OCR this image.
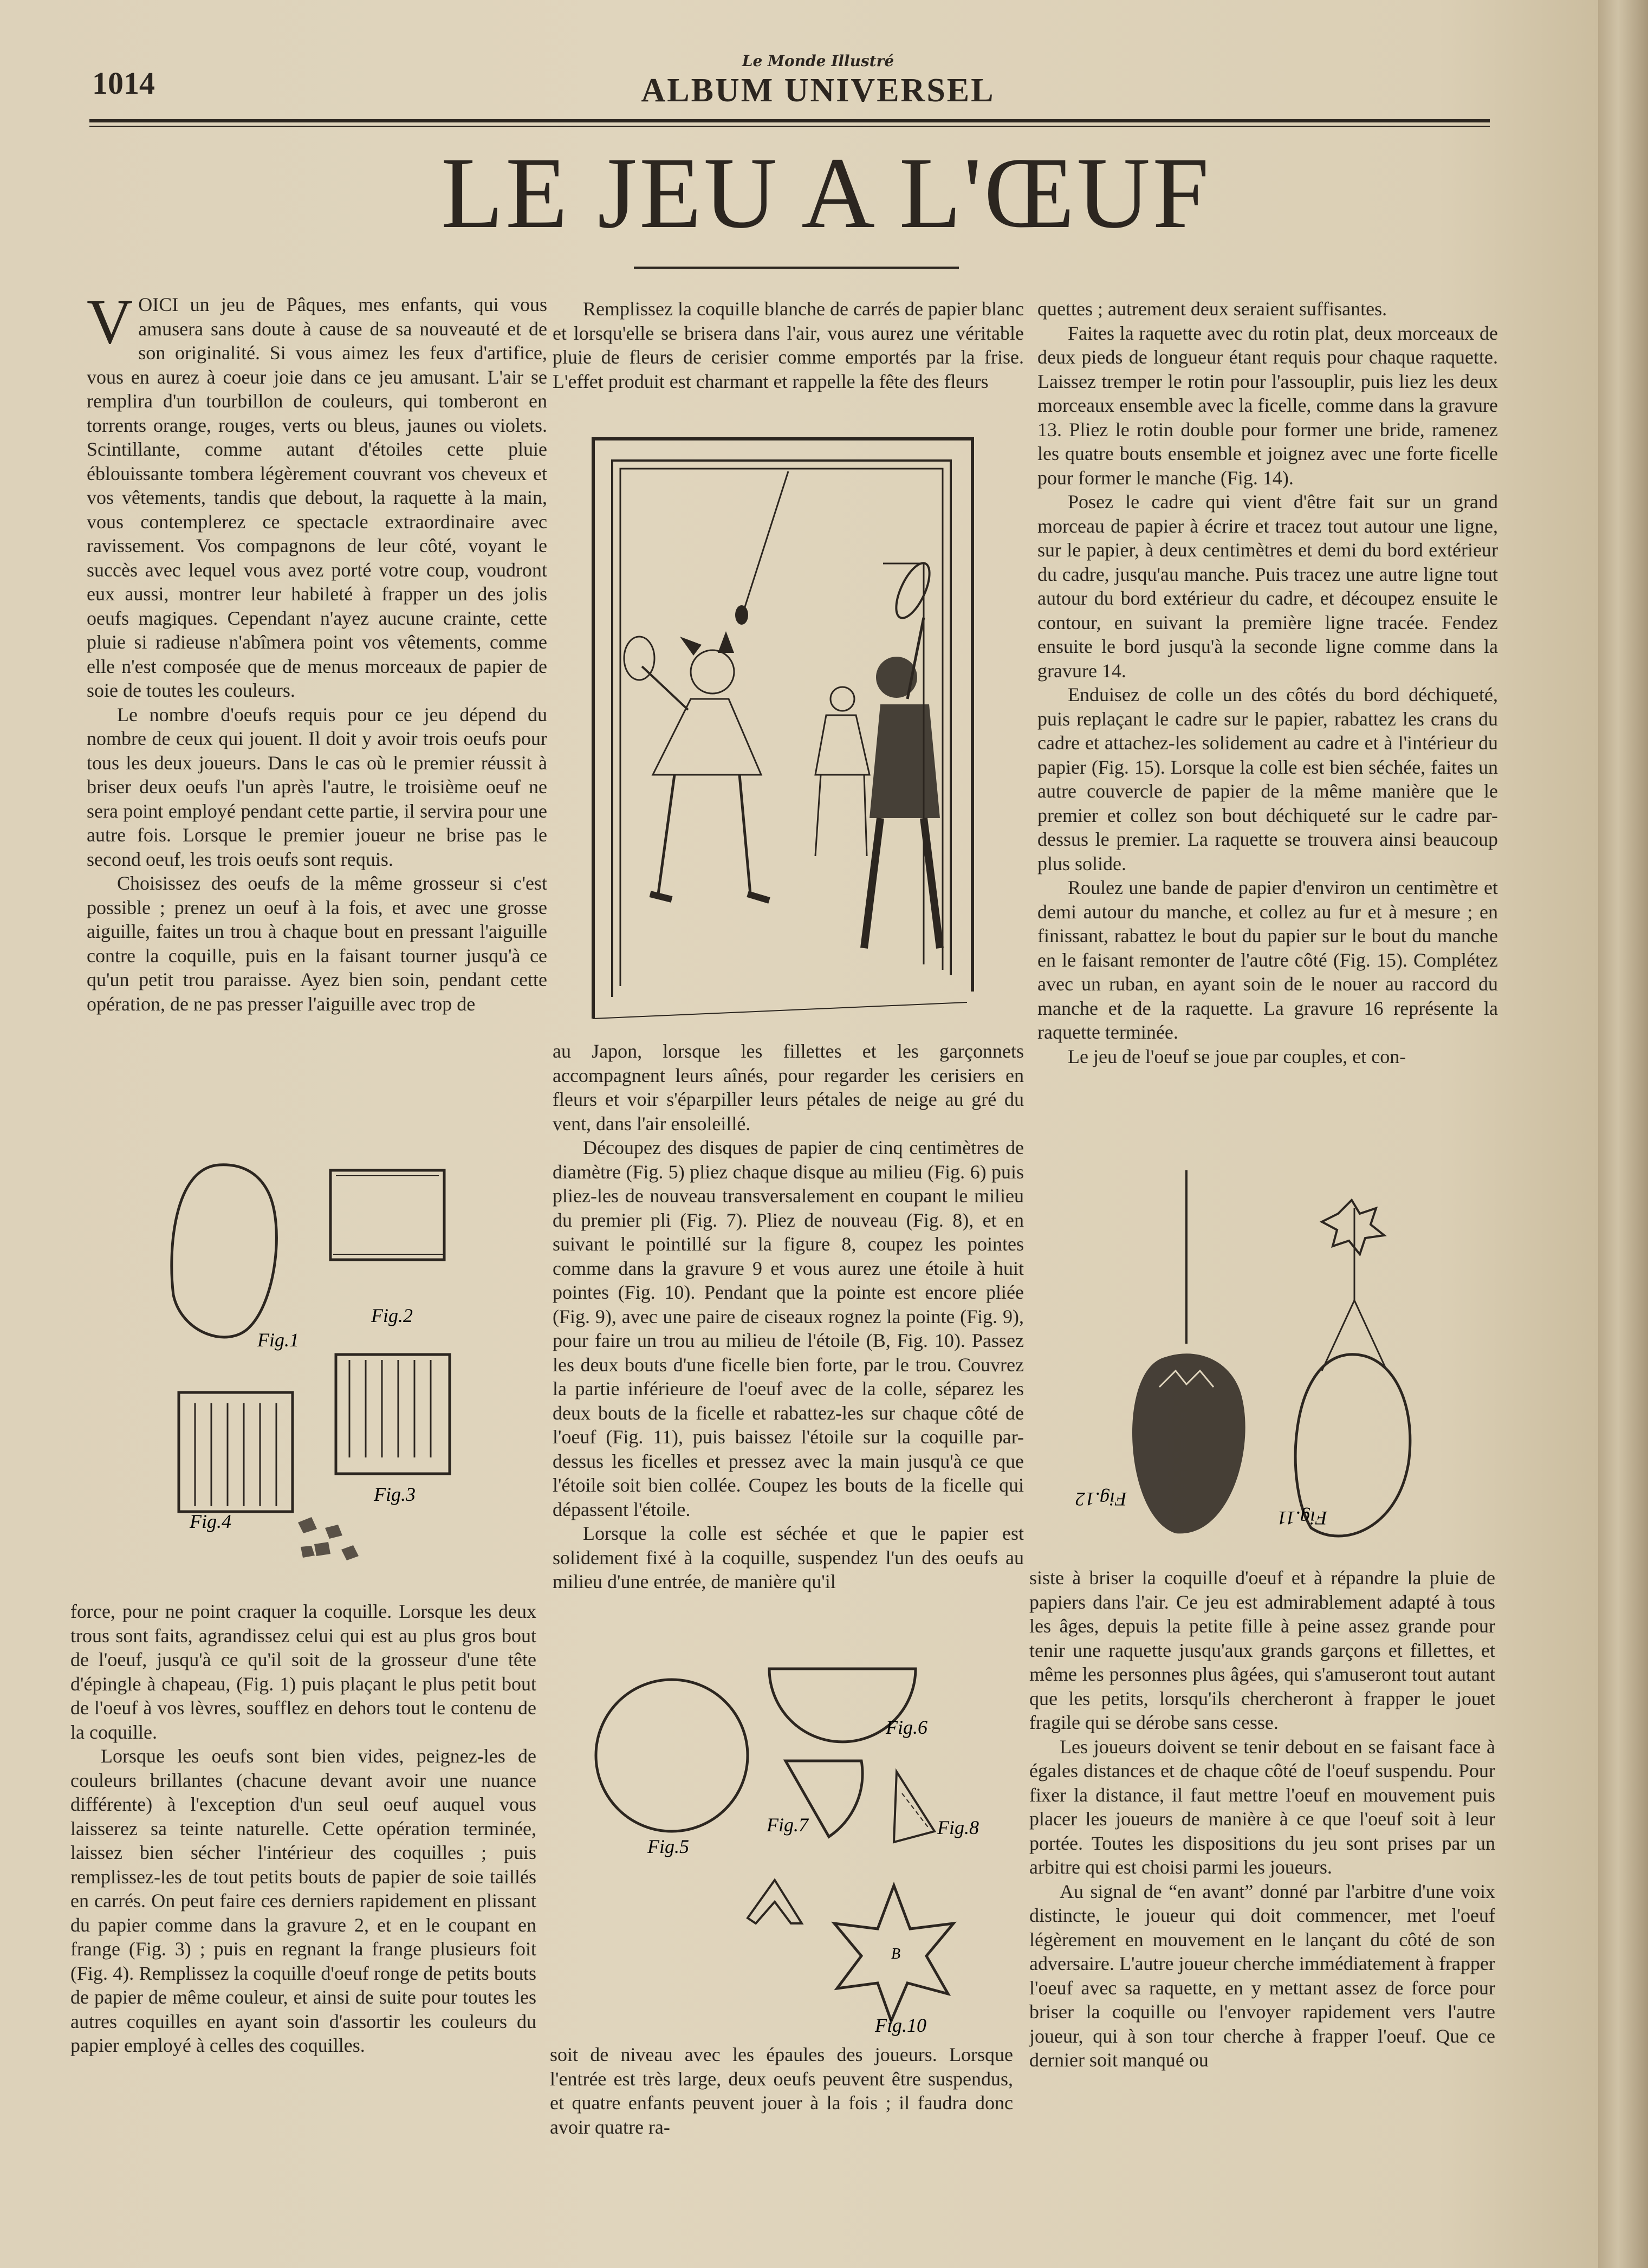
1014
Le Monde Illustré
ALBUM UNIVERSEL
LE JEU A L'ŒUF

VOICI un jeu de Pâques, mes enfants, qui vous amusera sans doute à cause de sa nouveauté et de son originalité. Si vous aimez les feux d'artifice, vous en aurez à coeur joie dans ce jeu amusant. L'air se remplira d'un tourbillon de couleurs, qui tomberont en torrents orange, rouges, verts ou bleus, jaunes ou violets. Scintillante, comme autant d'étoiles cette pluie éblouissante tombera légèrement couvrant vos cheveux et vos vêtements, tandis que debout, la raquette à la main, vous contemplerez ce spectacle extraordinaire avec ravissement. Vos compagnons de leur côté, voyant le succès avec lequel vous avez porté votre coup, voudront eux aussi, montrer leur habileté à frapper un des jolis oeufs magiques. Cependant n'ayez aucune crainte, cette pluie si radieuse n'abîmera point vos vêtements, comme elle n'est composée que de menus morceaux de papier de soie de toutes les couleurs.

Le nombre d'oeufs requis pour ce jeu dépend du nombre de ceux qui jouent. Il doit y avoir trois oeufs pour tous les deux joueurs. Dans le cas où le premier réussit à briser deux oeufs l'un après l'autre, le troisième oeuf ne sera point employé pendant cette partie, il servira pour une autre fois. Lorsque le premier joueur ne brise pas le second oeuf, les trois oeufs sont requis.

Choisissez des oeufs de la même grosseur si c'est possible ; prenez un oeuf à la fois, et avec une grosse aiguille, faites un trou à chaque bout en pressant l'aiguille contre la coquille, puis en la faisant tourner jusqu'à ce qu'un petit trou paraisse. Ayez bien soin, pendant cette opération, de ne pas presser l'aiguille avec trop de

Fig.1
Fig.2
Fig.3
Fig.4

force, pour ne point craquer la coquille. Lorsque les deux trous sont faits, agrandissez celui qui est au plus gros bout de l'oeuf, jusqu'à ce qu'il soit de la grosseur d'une tête d'épingle à chapeau, (Fig. 1) puis plaçant le plus petit bout de l'oeuf à vos lèvres, soufflez en dehors tout le contenu de la coquille.

Lorsque les oeufs sont bien vides, peignez-les de couleurs brillantes (chacune devant avoir une nuance différente) à l'exception d'un seul oeuf auquel vous laisserez sa teinte naturelle. Cette opération terminée, laissez bien sécher l'intérieur des coquilles ; puis remplissez-les de tout petits bouts de papier de soie taillés en carrés. On peut faire ces derniers rapidement en plissant du papier comme dans la gravure 2, et en le coupant en frange (Fig. 3) ; puis en regnant la frange plusieurs foit (Fig. 4). Remplissez la coquille d'oeuf ronge de petits bouts de papier de même couleur, et ainsi de suite pour toutes les autres coquilles en ayant soin d'assortir les couleurs du papier employé à celles des coquilles.

Remplissez la coquille blanche de carrés de papier blanc et lorsqu'elle se brisera dans l'air, vous aurez une véritable pluie de fleurs de cerisier comme emportés par la frise. L'effet produit est charmant et rappelle la fête des fleurs

au Japon, lorsque les fillettes et les garçonnets accompagnent leurs aînés, pour regarder les cerisiers en fleurs et voir s'éparpiller leurs pétales de neige au gré du vent, dans l'air ensoleillé.

Découpez des disques de papier de cinq centimètres de diamètre (Fig. 5) pliez chaque disque au milieu (Fig. 6) puis pliez-les de nouveau transversalement en coupant le milieu du premier pli (Fig. 7). Pliez de nouveau (Fig. 8), et en suivant le pointillé sur la figure 8, coupez les pointes comme dans la gravure 9 et vous aurez une étoile à huit pointes (Fig. 10). Pendant que la pointe est encore pliée (Fig. 9), avec une paire de ciseaux rognez la pointe (Fig. 9), pour faire un trou au milieu de l'étoile (B, Fig. 10). Passez les deux bouts d'une ficelle bien forte, par le trou. Couvrez la partie inférieure de l'oeuf avec de la colle, séparez les deux bouts de la ficelle et rabattez-les sur chaque côté de l'oeuf (Fig. 11), puis baissez l'étoile sur la coquille par-dessus les ficelles et pressez avec la main jusqu'à ce que l'étoile soit bien collée. Coupez les bouts de la ficelle qui dépassent l'étoile.

Lorsque la colle est séchée et que le papier est solidement fixé à la coquille, suspendez l'un des oeufs au milieu d'une entrée, de manière qu'il

B
Fig.5
Fig.6
Fig.7	Fig.8
Fig.10

soit de niveau avec les épaules des joueurs. Lorsque l'entrée est très large, deux oeufs peuvent être suspendus, et quatre enfants peuvent jouer à la fois ; il faudra donc avoir quatre ra-

quettes ; autrement deux seraient suffisantes.

Faites la raquette avec du rotin plat, deux morceaux de deux pieds de longueur étant requis pour chaque raquette. Laissez tremper le rotin pour l'assouplir, puis liez les deux morceaux ensemble avec la ficelle, comme dans la gravure 13. Pliez le rotin double pour former une bride, ramenez les quatre bouts ensemble et joignez avec une forte ficelle pour former le manche (Fig. 14).

Posez le cadre qui vient d'être fait sur un grand morceau de papier à écrire et tracez tout autour une ligne, sur le papier, à deux centimètres et demi du bord extérieur du cadre, jusqu'au manche. Puis tracez une autre ligne tout autour du bord extérieur du cadre, et découpez ensuite le contour, en suivant la première ligne tracée. Fendez ensuite le bord jusqu'à la seconde ligne comme dans la gravure 14.

Enduisez de colle un des côtés du bord déchiqueté, puis replaçant le cadre sur le papier, rabattez les crans du cadre et attachez-les solidement au cadre et à l'intérieur du papier (Fig. 15). Lorsque la colle est bien séchée, faites un autre couvercle de papier de la même manière que le premier et collez son bout déchiqueté sur le cadre par-dessus le premier. La raquette se trouvera ainsi beaucoup plus solide.

Roulez une bande de papier d'environ un centimètre et demi autour du manche, et collez au fur et à mesure ; en finissant, rabattez le bout du papier sur le bout du manche en le faisant remonter de l'autre côté (Fig. 15). Complétez avec un ruban, en ayant soin de le nouer au raccord du manche et de la raquette. La gravure 16 représente la raquette terminée.

Le jeu de l'oeuf se joue par couples, et con-

Fig.12
Fig.11

siste à briser la coquille d'oeuf et à répandre la pluie de papiers dans l'air. Ce jeu est admirablement adapté à tous les âges, depuis la petite fille à peine assez grande pour tenir une raquette jusqu'aux grands garçons et fillettes, et même les personnes plus âgées, qui s'amuseront tout autant que les petits, lorsqu'ils chercheront à frapper le jouet fragile qui se dérobe sans cesse.

Les joueurs doivent se tenir debout en se faisant face à égales distances et de chaque côté de l'oeuf suspendu. Pour fixer la distance, il faut mettre l'oeuf en mouvement puis placer les joueurs de manière à ce que l'oeuf soit à leur portée. Toutes les dispositions du jeu sont prises par un arbitre qui est choisi parmi les joueurs.

Au signal de “en avant” donné par l'arbitre d'une voix distincte, le joueur qui doit commencer, met l'oeuf légèrement en mouvement en le lançant du côté de son adversaire. L'autre joueur cherche immédiatement à frapper l'oeuf avec sa raquette, en y mettant assez de force pour briser la coquille ou l'envoyer rapidement vers l'autre joueur, qui à son tour cherche à frapper l'oeuf. Que ce dernier soit manqué ou
